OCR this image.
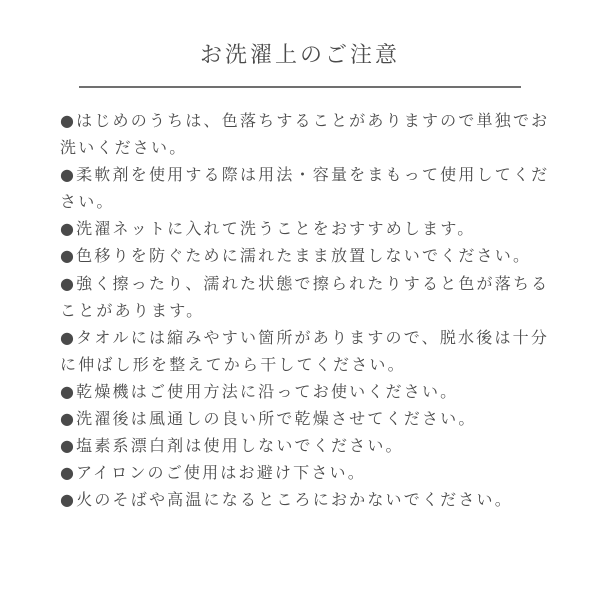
お洗濯上のご注意
●はじめのうちは、色落ちすることがありますので単独でお洗いください。
●柔軟剤を使用する際は用法・容量をまもって使用してください。
●洗濯ネットに入れて洗うことをおすすめします。
●色移りを防ぐために濡れたまま放置しないでください。
●強く擦ったり、濡れた状態で擦られたりすると色が落ちることがあります。
●タオルには縮みやすい箇所がありますので、脱水後は十分に伸ばし形を整えてから干してください。
●乾燥機はご使用方法に沿ってお使いください。
●洗濯後は風通しの良い所で乾燥させてください。
●塩素系漂白剤は使用しないでください。
●アイロンのご使用はお避け下さい。
●火のそばや高温になるところにおかないでください。
